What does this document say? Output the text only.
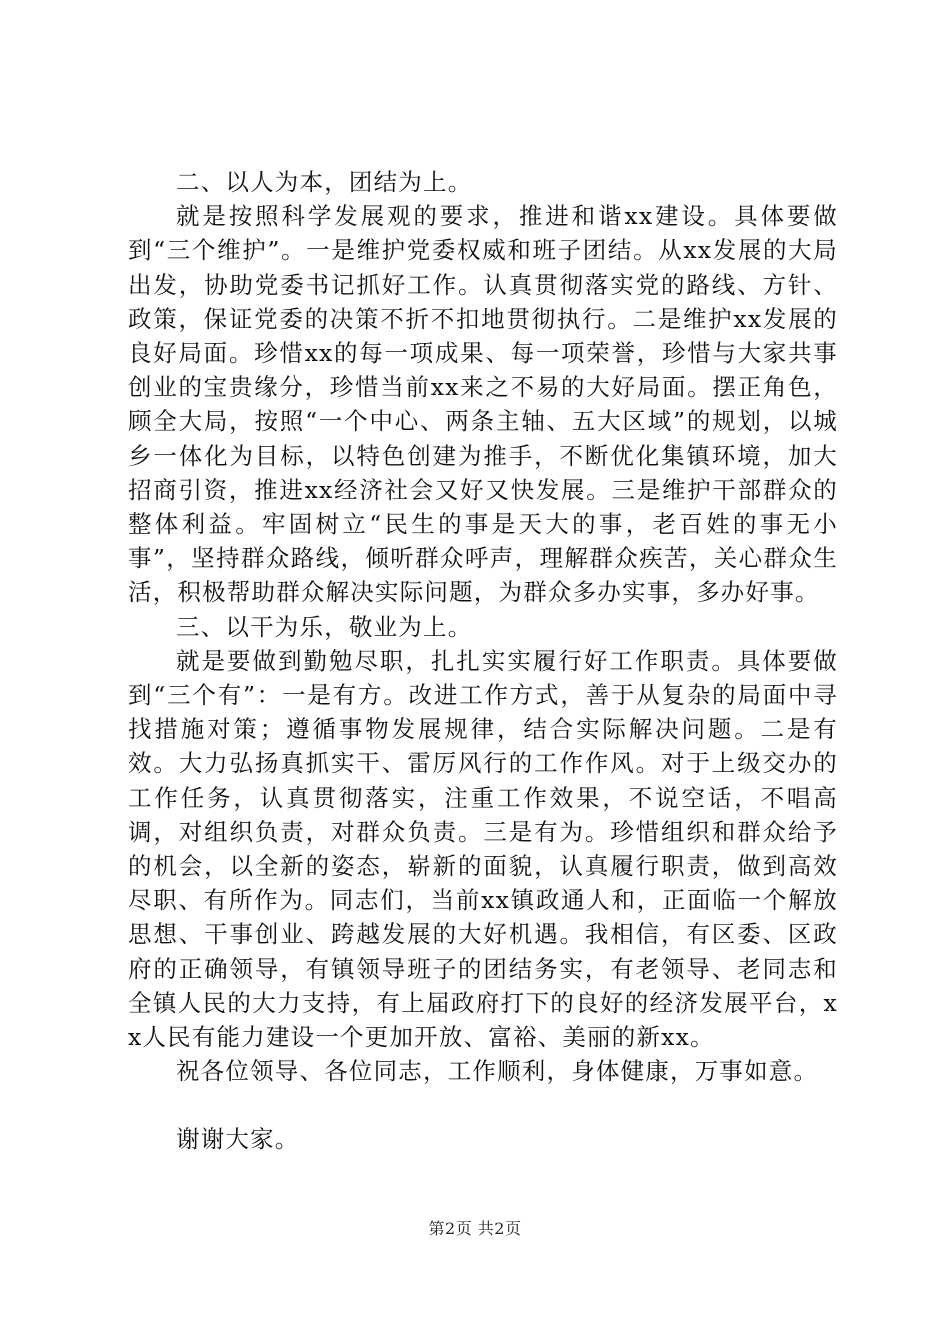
二、以人为本，团结为上。

就是按照科学发展观的要求，推进和谐xx建设。具体要做到“三个维护”。一是维护党委权威和班子团结。从xx发展的大局出发，协助党委书记抓好工作。认真贯彻落实党的路线、方针、政策，保证党委的决策不折不扣地贯彻执行。二是维护xx发展的良好局面。珍惜xx的每一项成果、每一项荣誉，珍惜与大家共事创业的宝贵缘分，珍惜当前xx来之不易的大好局面。摆正角色，顾全大局，按照“一个中心、两条主轴、五大区域”的规划，以城乡一体化为目标，以特色创建为推手，不断优化集镇环境，加大招商引资，推进xx经济社会又好又快发展。三是维护干部群众的整体利益。牢固树立“民生的事是天大的事，老百姓的事无小事”，坚持群众路线，倾听群众呼声，理解群众疾苦，关心群众生活，积极帮助群众解决实际问题，为群众多办实事，多办好事。

三、以干为乐，敬业为上。

就是要做到勤勉尽职，扎扎实实履行好工作职责。具体要做到“三个有”：一是有方。改进工作方式，善于从复杂的局面中寻找措施对策；遵循事物发展规律，结合实际解决问题。二是有效。大力弘扬真抓实干、雷厉风行的工作作风。对于上级交办的工作任务，认真贯彻落实，注重工作效果，不说空话，不唱高调，对组织负责，对群众负责。三是有为。珍惜组织和群众给予的机会，以全新的姿态，崭新的面貌，认真履行职责，做到高效尽职、有所作为。同志们，当前xx镇政通人和，正面临一个解放思想、干事创业、跨越发展的大好机遇。我相信，有区委、区政府的正确领导，有镇领导班子的团结务实，有老领导、老同志和全镇人民的大力支持，有上届政府打下的良好的经济发展平台，xx人民有能力建设一个更加开放、富裕、美丽的新xx。

祝各位领导、各位同志，工作顺利，身体健康，万事如意。

谢谢大家。

第2页 共2页
